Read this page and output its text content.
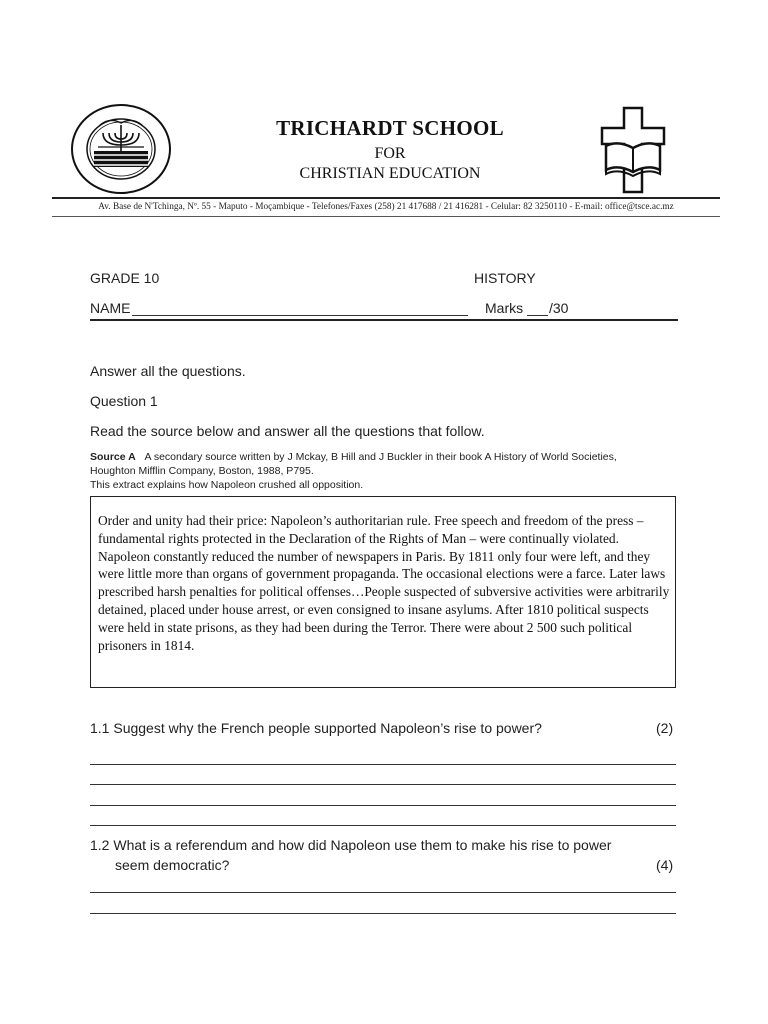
TRICHARDT SCHOOL
FOR
CHRISTIAN EDUCATION
Av. Base de N'Tchinga, Nº. 55 - Maputo - Moçambique - Telefones/Faxes (258) 21 417688 / 21 416281 - Celular: 82 3250110 - E-mail: office@tsce.ac.mz
GRADE 10	HISTORY
NAME	Marks /30
Answer all the questions.
Question 1
Read the source below and answer all the questions that follow.
Source A A secondary source written by J Mckay, B Hill and J Buckler in their book A History of World Societies,
Houghton Mifflin Company, Boston, 1988, P795.
This extract explains how Napoleon crushed all opposition.
Order and unity had their price: Napoleon’s authoritarian rule. Free speech and freedom of the press – fundamental rights protected in the Declaration of the Rights of Man – were continually violated. Napoleon constantly reduced the number of newspapers in Paris. By 1811 only four were left, and they were little more than organs of government propaganda. The occasional elections were a farce. Later laws prescribed harsh penalties for political offenses…People suspected of subversive activities were arbitrarily detained, placed under house arrest, or even consigned to insane asylums. After 1810 political suspects were held in state prisons, as they had been during the Terror. There were about 2 500 such political prisoners in 1814.
1.1 Suggest why the French people supported Napoleon’s rise to power?	(2)
1.2 What is a referendum and how did Napoleon use them to make his rise to power
seem democratic?	(4)
